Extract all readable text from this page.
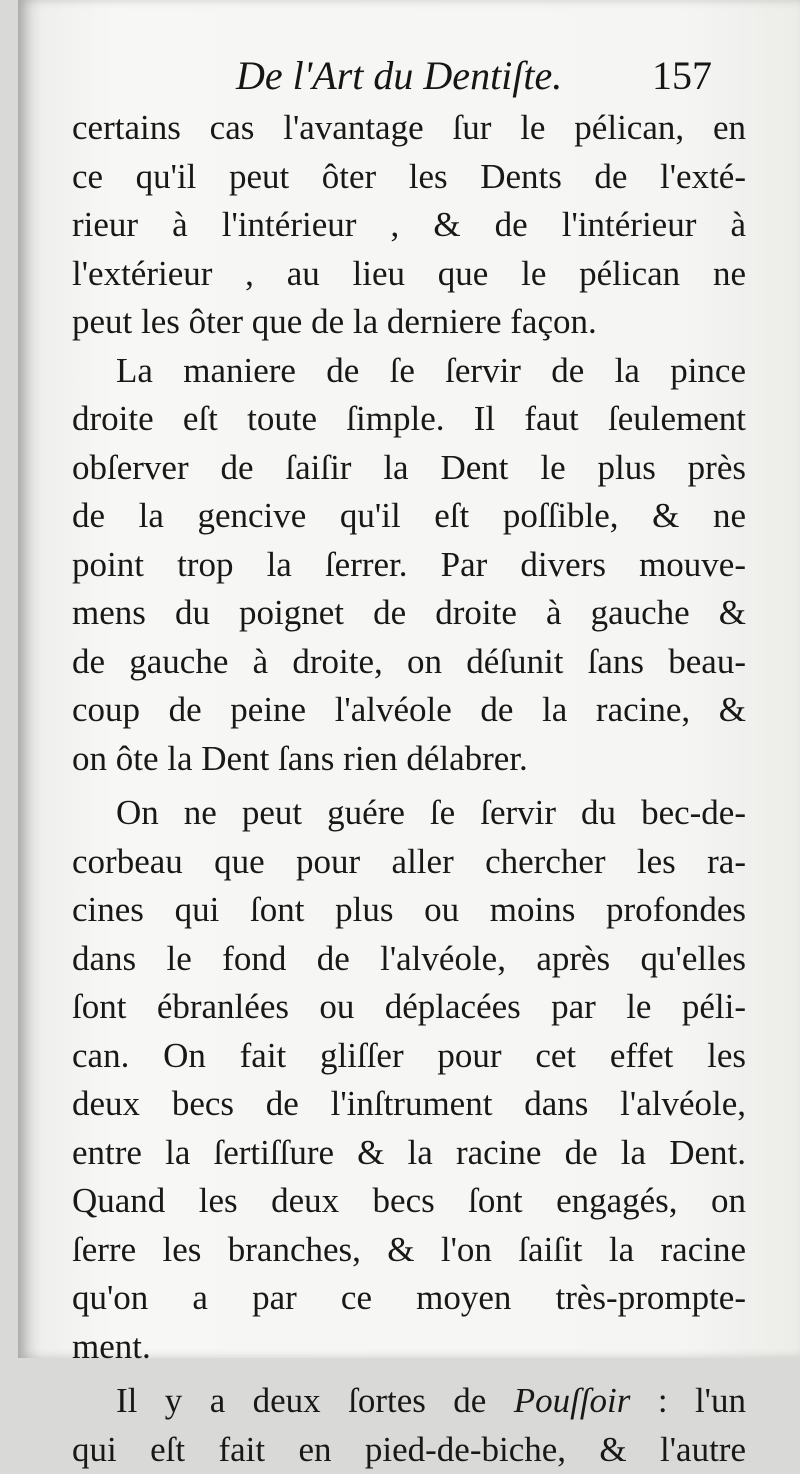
De l'Art du Dentiſte. 157
certains cas l'avantage ſur le pélican, en
ce qu'il peut ôter les Dents de l'exté-
rieur à l'intérieur , & de l'intérieur à
l'extérieur , au lieu que le pélican ne
peut les ôter que de la derniere façon.
La maniere de ſe ſervir de la pince
droite eſt toute ſimple. Il faut ſeulement
obſerver de ſaiſir la Dent le plus près
de la gencive qu'il eſt poſſible, & ne
point trop la ſerrer. Par divers mouve-
mens du poignet de droite à gauche &
de gauche à droite, on déſunit ſans beau-
coup de peine l'alvéole de la racine, &
on ôte la Dent ſans rien délabrer.
On ne peut guére ſe ſervir du bec-de-
corbeau que pour aller chercher les ra-
cines qui ſont plus ou moins profondes
dans le fond de l'alvéole, après qu'elles
ſont ébranlées ou déplacées par le péli-
can. On fait gliſſer pour cet effet les
deux becs de l'inſtrument dans l'alvéole,
entre la ſertiſſure & la racine de la Dent.
Quand les deux becs ſont engagés, on
ſerre les branches, & l'on ſaiſit la racine
qu'on a par ce moyen très-prompte-
ment.
Il y a deux ſortes de Pouſſoir : l'un
qui eſt fait en pied-de-biche, & l'autre
